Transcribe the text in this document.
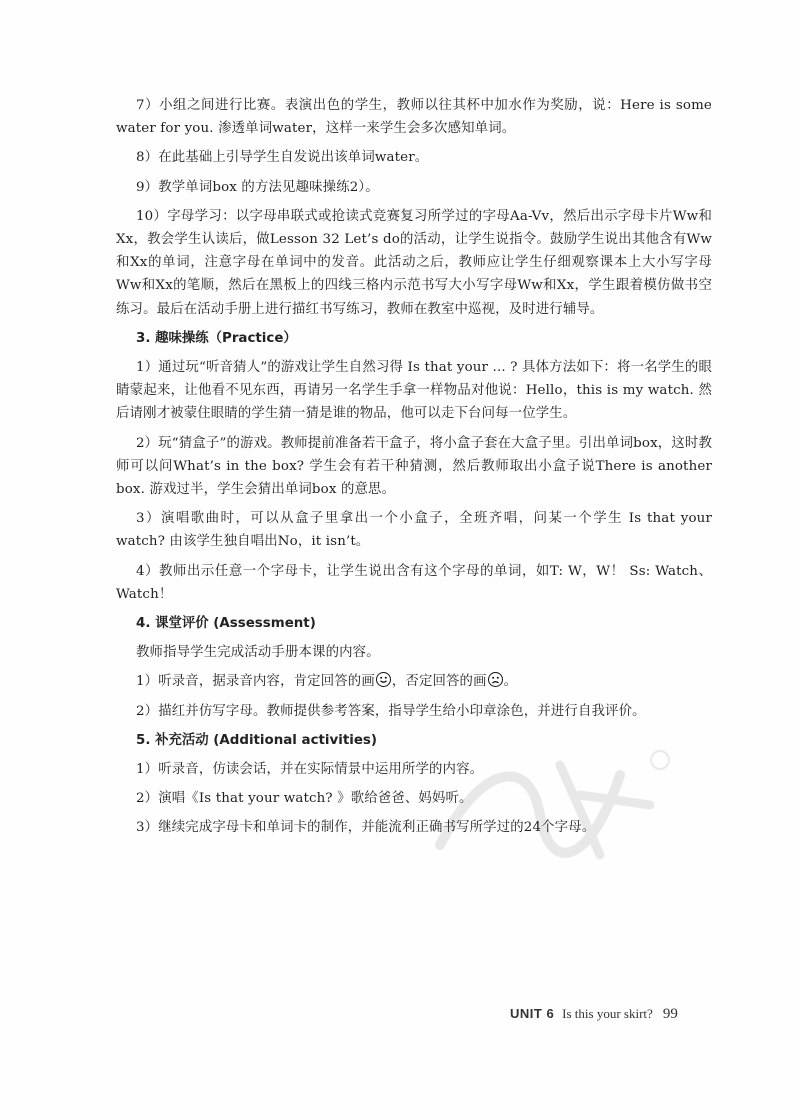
7）小组之间进行比赛。表演出色的学生，教师以往其杯中加水作为奖励，说：Here is some water for you. 渗透单词water，这样一来学生会多次感知单词。

8）在此基础上引导学生自发说出该单词water。

9）教学单词box 的方法见趣味操练2）。

10）字母学习：以字母串联式或抢读式竞赛复习所学过的字母Aa-Vv，然后出示字母卡片Ww和Xx，教会学生认读后，做Lesson 32 Let’s do的活动，让学生说指令。鼓励学生说出其他含有Ww和Xx的单词，注意字母在单词中的发音。此活动之后，教师应让学生仔细观察课本上大小写字母Ww和Xx的笔顺，然后在黑板上的四线三格内示范书写大小写字母Ww和Xx，学生跟着模仿做书空练习。最后在活动手册上进行描红书写练习，教师在教室中巡视，及时进行辅导。

3. 趣味操练（Practice）

1）通过玩“听音猜人”的游戏让学生自然习得 Is that your ... ? 具体方法如下：将一名学生的眼睛蒙起来，让他看不见东西，再请另一名学生手拿一样物品对他说：Hello，this is my watch. 然后请刚才被蒙住眼睛的学生猜一猜是谁的物品，他可以走下台问每一位学生。

2）玩“猜盒子”的游戏。教师提前准备若干盒子，将小盒子套在大盒子里。引出单词box，这时教师可以问What’s in the box? 学生会有若干种猜测，然后教师取出小盒子说There is another box. 游戏过半，学生会猜出单词box 的意思。

3）演唱歌曲时，可以从盒子里拿出一个小盒子，全班齐唱，问某一个学生 Is that your watch? 由该学生独自唱出No，it isn’t。

4）教师出示任意一个字母卡，让学生说出含有这个字母的单词，如T: W，W！ Ss: Watch、Watch！

4. 课堂评价 (Assessment)

教师指导学生完成活动手册本课的内容。

1）听录音，据录音内容，肯定回答的画 ，否定回答的画 。

2）描红并仿写字母。教师提供参考答案，指导学生给小印章涂色，并进行自我评价。

5. 补充活动 (Additional activities)

1）听录音，仿读会话，并在实际情景中运用所学的内容。

2）演唱《Is that your watch? 》歌给爸爸、妈妈听。

3）继续完成字母卡和单词卡的制作，并能流利正确书写所学过的24个字母。

UNIT 6 Is this your skirt? 99
